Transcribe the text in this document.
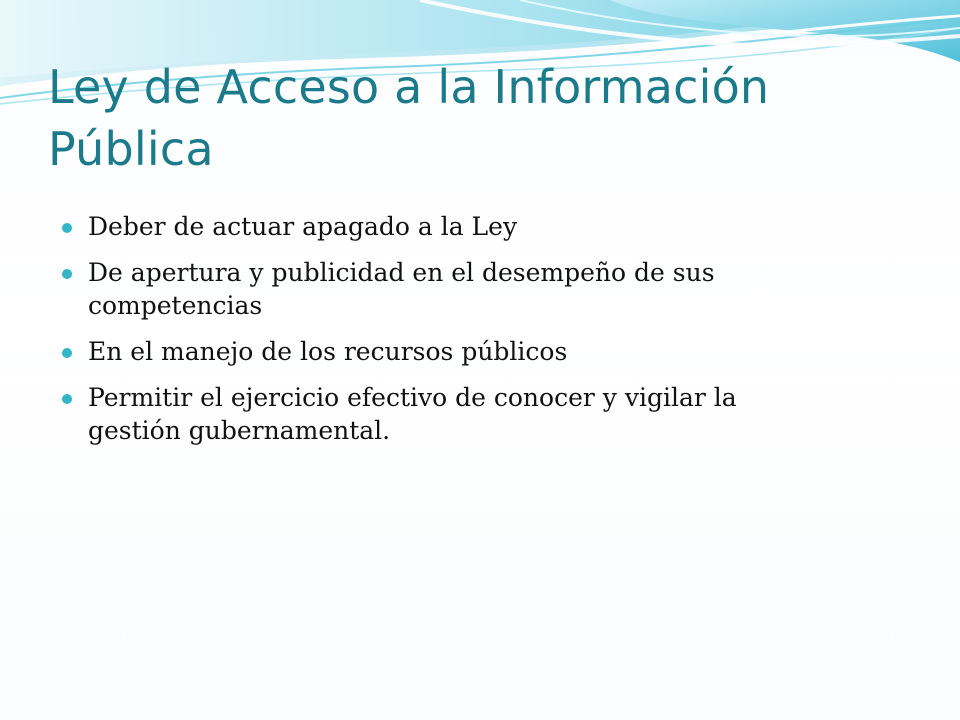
Ley de Acceso a la Información
Pública
Deber de actuar apagado a la Ley
De apertura y publicidad en el desempeño de sus
competencias
En el manejo de los recursos públicos
Permitir el ejercicio efectivo de conocer y vigilar la
gestión gubernamental.
